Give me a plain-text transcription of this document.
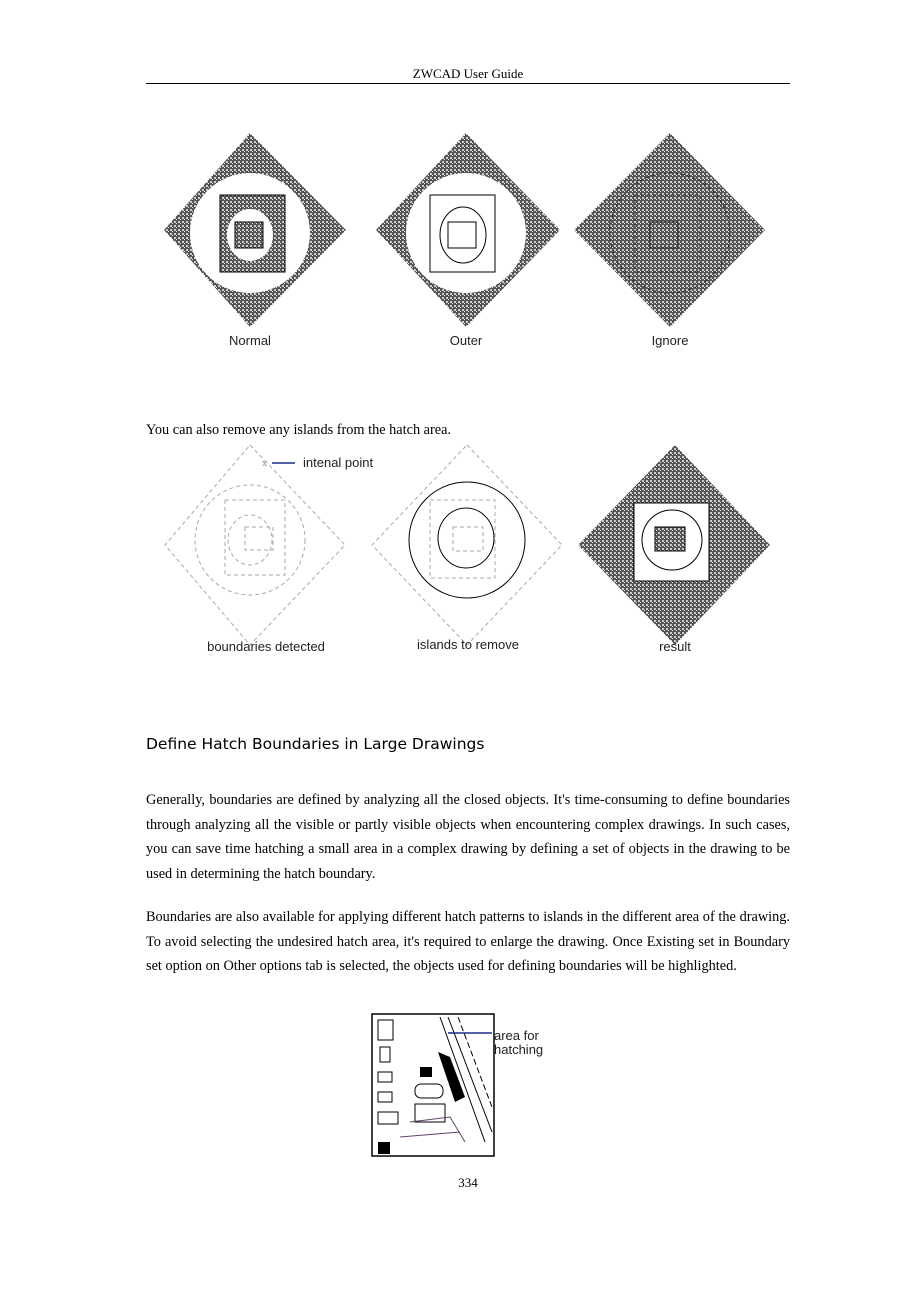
ZWCAD User Guide
Normal	Outer	Ignore
You can also remove any islands from the hatch area.
x	intenal point
boundaries detected	islands to remove	result
Define Hatch Boundaries in Large Drawings
Generally, boundaries are defined by analyzing all the closed objects. It's time-consuming to define boundaries through analyzing all the visible or partly visible objects when encountering complex drawings. In such cases, you can save time hatching a small area in a complex drawing by defining a set of objects in the drawing to be used in determining the hatch boundary.
Boundaries are also available for applying different hatch patterns to islands in the different area of the drawing. To avoid selecting the undesired hatch area, it's required to enlarge the drawing. Once Existing set in Boundary set option on Other options tab is selected, the objects used for defining boundaries will be highlighted.
area for
hatching
334
